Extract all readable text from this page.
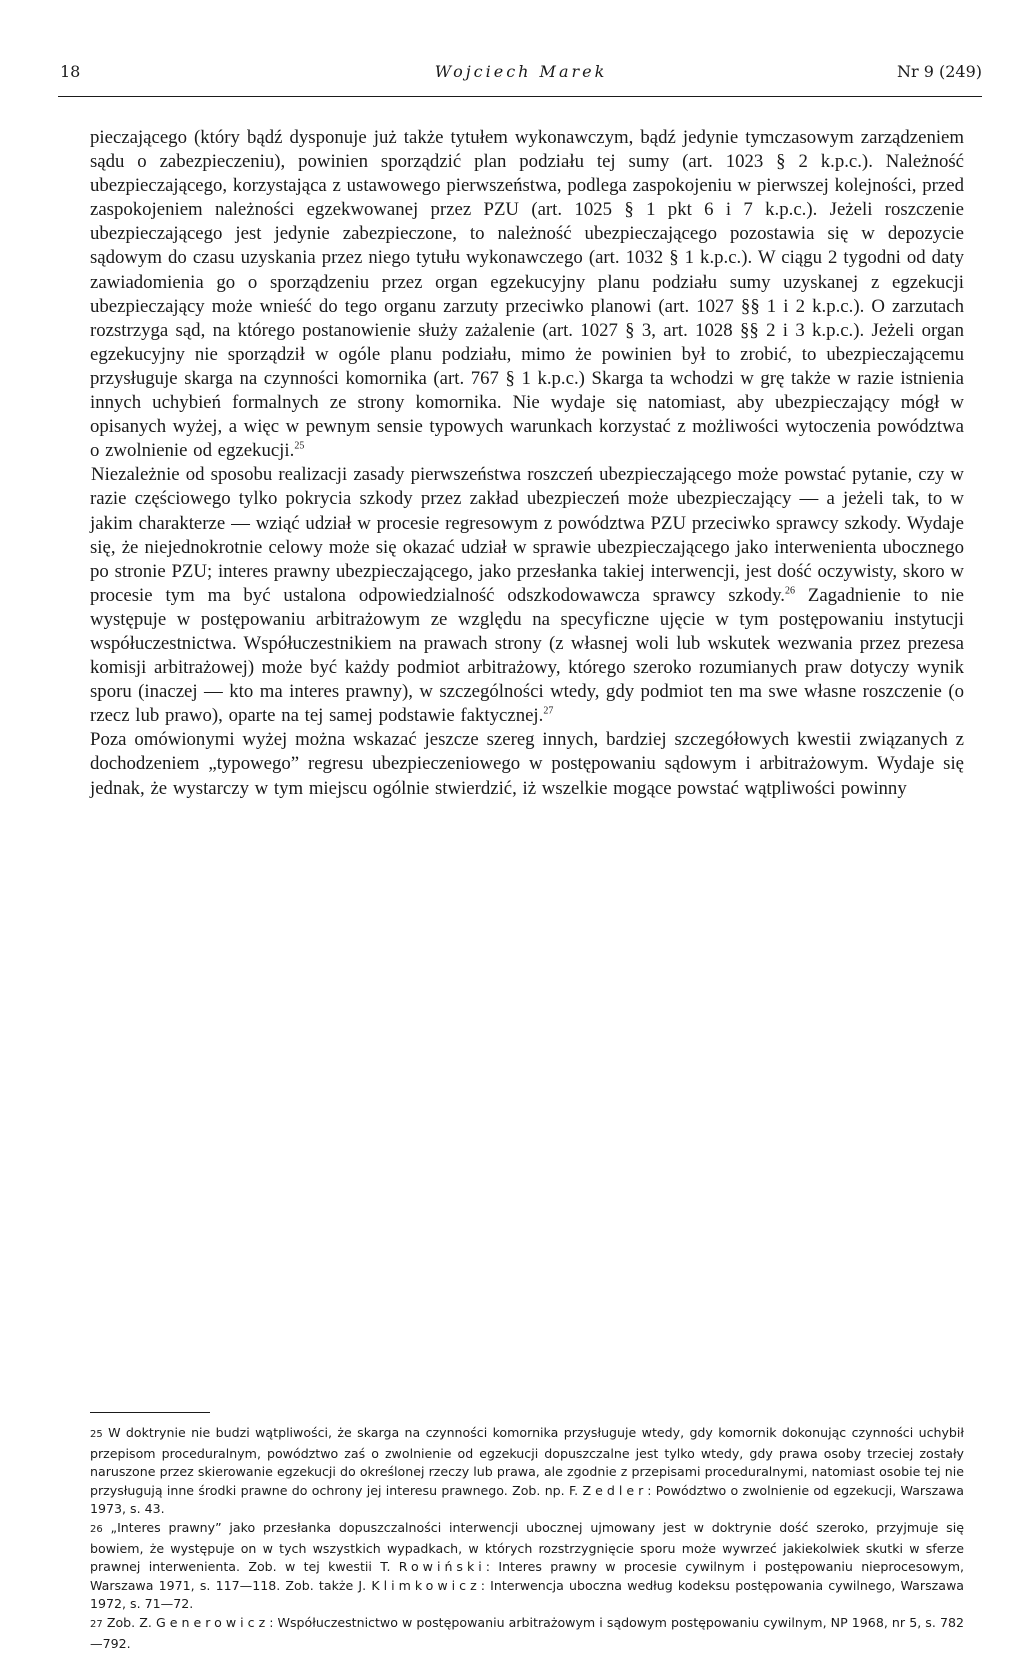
18	Wojciech Marek	Nr 9 (249)

pieczającego (który bądź dysponuje już także tytułem wykonawczym, bądź jedynie tymczasowym zarządzeniem sądu o zabezpieczeniu), powinien sporządzić plan podziału tej sumy (art. 1023 § 2 k.p.c.). Należność ubezpieczającego, korzystająca z ustawowego pierwszeństwa, podlega zaspokojeniu w pierwszej kolejności, przed zaspokojeniem należności egzekwowanej przez PZU (art. 1025 § 1 pkt 6 i 7 k.p.c.). Jeżeli roszczenie ubezpieczającego jest jedynie zabezpieczone, to należność ubezpieczającego pozostawia się w depozycie sądowym do czasu uzyskania przez niego tytułu wykonawczego (art. 1032 § 1 k.p.c.). W ciągu 2 tygodni od daty zawiadomienia go o sporządzeniu przez organ egzekucyjny planu podziału sumy uzyskanej z egzekucji ubezpieczający może wnieść do tego organu zarzuty przeciwko planowi (art. 1027 §§ 1 i 2 k.p.c.). O zarzutach rozstrzyga sąd, na którego postanowienie służy zażalenie (art. 1027 § 3, art. 1028 §§ 2 i 3 k.p.c.). Jeżeli organ egzekucyjny nie sporządził w ogóle planu podziału, mimo że powinien był to zrobić, to ubezpieczającemu przysługuje skarga na czynności komornika (art. 767 § 1 k.p.c.) Skarga ta wchodzi w grę także w razie istnienia innych uchybień formalnych ze strony komornika. Nie wydaje się natomiast, aby ubezpieczający mógł w opisanych wyżej, a więc w pewnym sensie typowych warunkach korzystać z możliwości wytoczenia powództwa o zwolnienie od egzekucji.$^{25}$

Niezależnie od sposobu realizacji zasady pierwszeństwa roszczeń ubezpieczającego może powstać pytanie, czy w razie częściowego tylko pokrycia szkody przez zakład ubezpieczeń może ubezpieczający — a jeżeli tak, to w jakim charakterze — wziąć udział w procesie regresowym z powództwa PZU przeciwko sprawcy szkody. Wydaje się, że niejednokrotnie celowy może się okazać udział w sprawie ubezpieczającego jako interwenienta ubocznego po stronie PZU; interes prawny ubezpieczającego, jako przesłanka takiej interwencji, jest dość oczywisty, skoro w procesie tym ma być ustalona odpowiedzialność odszkodowawcza sprawcy szkody.$^{26}$ Zagadnienie to nie występuje w postępowaniu arbitrażowym ze względu na specyficzne ujęcie w tym postępowaniu instytucji współuczestnictwa. Współuczestnikiem na prawach strony (z własnej woli lub wskutek wezwania przez prezesa komisji arbitrażowej) może być każdy podmiot arbitrażowy, którego szeroko rozumianych praw dotyczy wynik sporu (inaczej — kto ma interes prawny), w szczególności wtedy, gdy podmiot ten ma swe własne roszczenie (o rzecz lub prawo), oparte na tej samej podstawie faktycznej.$^{27}$

Poza omówionymi wyżej można wskazać jeszcze szereg innych, bardziej szczegółowych kwestii związanych z dochodzeniem „typowego” regresu ubezpieczeniowego w postępowaniu sądowym i arbitrażowym. Wydaje się jednak, że wystarczy w tym miejscu ogólnie stwierdzić, iż wszelkie mogące powstać wątpliwości powinny

25 W doktrynie nie budzi wątpliwości, że skarga na czynności komornika przysługuje wtedy, gdy komornik dokonując czynności uchybił przepisom proceduralnym, powództwo zaś o zwolnienie od egzekucji dopuszczalne jest tylko wtedy, gdy prawa osoby trzeciej zostały naruszone przez skierowanie egzekucji do określonej rzeczy lub prawa, ale zgodnie z przepisami proceduralnymi, natomiast osobie tej nie przysługują inne środki prawne do ochrony jej interesu prawnego. Zob. np. F. Zedler: Powództwo o zwolnienie od egzekucji, Warszawa 1973, s. 43.

26 „Interes prawny” jako przesłanka dopuszczalności interwencji ubocznej ujmowany jest w doktrynie dość szeroko, przyjmuje się bowiem, że występuje on w tych wszystkich wypadkach, w których rozstrzygnięcie sporu może wywrzeć jakiekolwiek skutki w sferze prawnej interwenienta. Zob. w tej kwestii T. Rowiński: Interes prawny w procesie cywilnym i postępowaniu nieprocesowym, Warszawa 1971, s. 117—118. Zob. także J. Klimkowicz: Interwencja uboczna według kodeksu postępowania cywilnego, Warszawa 1972, s. 71—72.

27 Zob. Z. Generowicz: Współuczestnictwo w postępowaniu arbitrażowym i sądowym postępowaniu cywilnym, NP 1968, nr 5, s. 782—792.
